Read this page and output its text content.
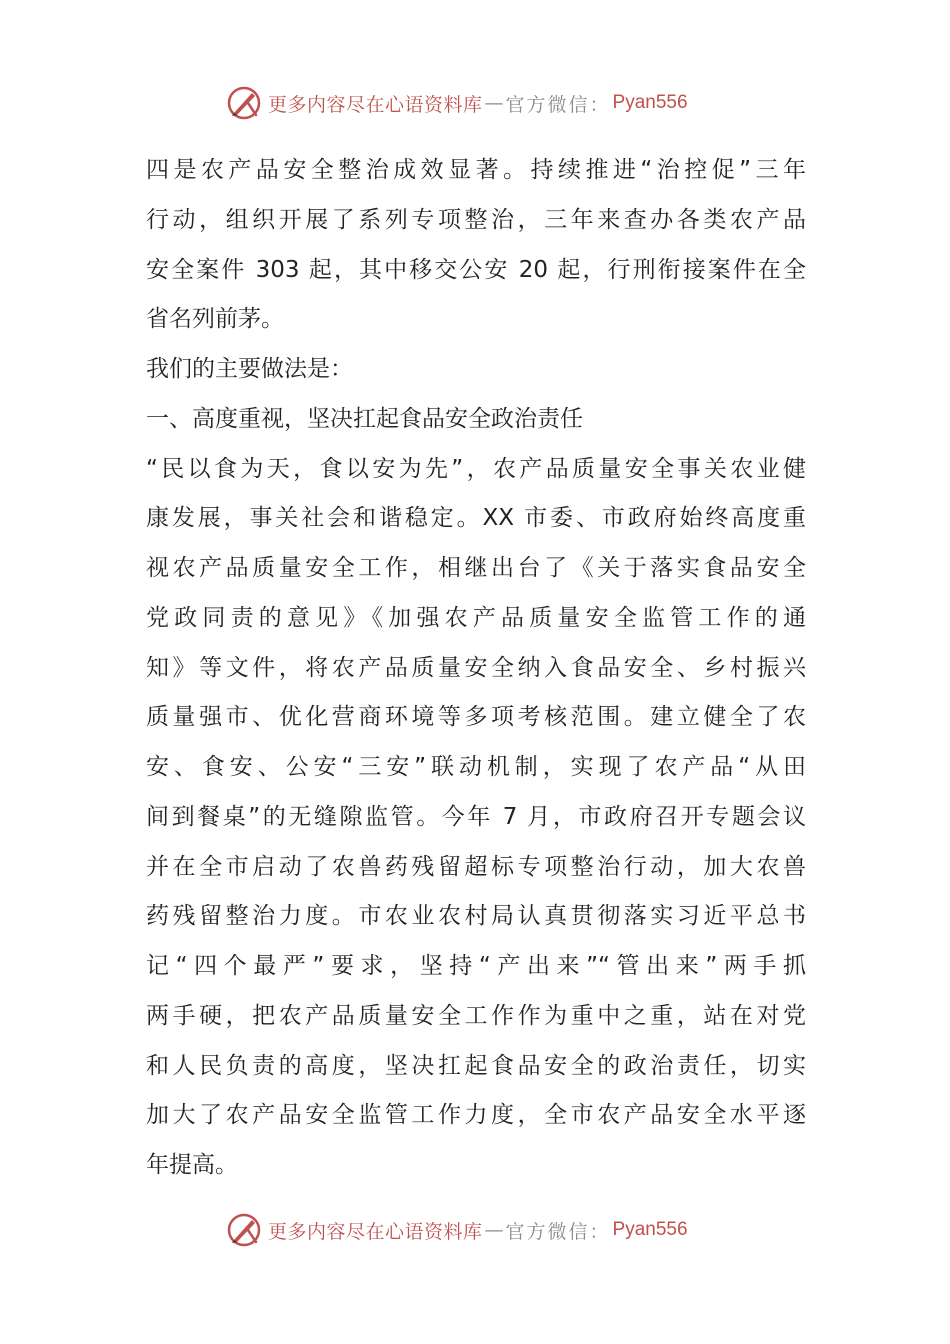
更多内容尽在心语资料库 — 官方微信： Pyan556
四是农产品安全整治成效显著。持续推进“治控促”三年
行动，组织开展了系列专项整治，三年来查办各类农产品
安全案件 303 起，其中移交公安 20 起，行刑衔接案件在全
省名列前茅。
我们的主要做法是：
一、高度重视，坚决扛起食品安全政治责任
“民以食为天，食以安为先”，农产品质量安全事关农业健
康发展，事关社会和谐稳定。XX 市委、市政府始终高度重
视农产品质量安全工作，相继出台了《关于落实食品安全
党政同责的意见》《加强农产品质量安全监管工作的通
知》等文件，将农产品质量安全纳入食品安全、乡村振兴
质量强市、优化营商环境等多项考核范围。建立健全了农
安、食安、公安“三安”联动机制，实现了农产品“从田
间到餐桌”的无缝隙监管。今年 7 月，市政府召开专题会议
并在全市启动了农兽药残留超标专项整治行动，加大农兽
药残留整治力度。市农业农村局认真贯彻落实习近平总书
记“四个最严”要求，坚持“产出来”“管出来”两手抓
两手硬，把农产品质量安全工作作为重中之重，站在对党
和人民负责的高度，坚决扛起食品安全的政治责任，切实
加大了农产品安全监管工作力度，全市农产品安全水平逐
年提高。
更多内容尽在心语资料库 — 官方微信： Pyan556
